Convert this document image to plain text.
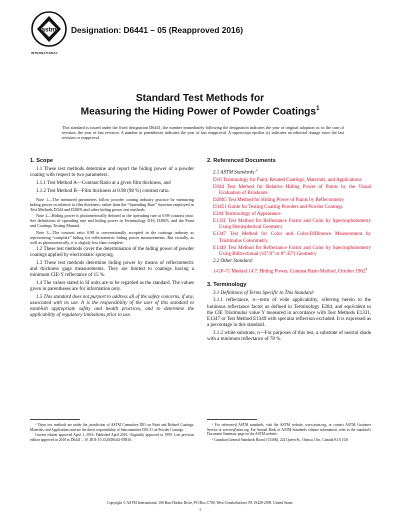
astm
INTERNATIONAL
Designation: D6441 – 05 (Reapproved 2016)
Standard Test Methods for
Measuring the Hiding Power of Powder Coatings$^1$
This standard is issued under the fixed designation D6441; the number immediately following the designation indicates the year of original adoption or, in the case of revision, the year of last revision. A number in parentheses indicates the year of last reapproval. A superscript epsilon (ε) indicates an editorial change since the last revision or reapproval.
1. Scope

1.1 These test methods determine and report the hiding power of a powder coating with respect to two parameters:

1.1.1 Test Method A—Contrast Ratio at a given film thickness, and

1.1.2 Test Method B—Film thickness at 0.98 (98 %) contrast ratio.

Note 1—The measured parameters follow powder coating industry practice by measuring hiding power in relation to film thickness, rather than the “Spreading Rate” function employed in Test Methods D344 and D2805 and other hiding power test methods.

Note 2—Hiding power is photometrically defined as the spreading rate at 0.98 contrast ratio. See definitions of spreading rate and hiding power in Terminology D16, D2805, and the Paint and Coatings Testing Manual.

Note 3—The contrast ratio 0.98 is conventionally accepted in the coatings industry as representing “complete” hiding for reflectometric hiding power measurements. But visually, as well as photometrically, it is slightly less than complete.

1.2 These test methods cover the determination of the hiding power of powder coatings applied by electrostatic spraying.

1.3 These test methods determine hiding power by means of reflectometric and thickness gage measurements. They are limited to coatings having a minimum CIE-Y reflectance of 15 %.

1.4 The values stated in SI units are to be regarded as the standard. The values given in parentheses are for information only.

1.5 This standard does not purport to address all of the safety concerns, if any, associated with its use. It is the responsibility of the user of this standard to establish appropriate safety and health practices, and to determine the applicability of regulatory limitations prior to use.

2. Referenced Documents

2.1 ASTM Standards:$^2$

D16 Terminology for Paint, Related Coatings, Materials, and Applications

D344 Test Method for Relative Hiding Power of Paints by the Visual Evaluation of Brushouts

D2805 Test Method for Hiding Power of Paints by Reflectometry

D3451 Guide for Testing Coating Powders and Powder Coatings

E284 Terminology of Appearance

E1331 Test Method for Reflectance Factor and Color by Spectrophotometry Using Hemispherical Geometry

E1347 Test Method for Color and Color-Difference Measurement by Tristimulus Colorimetry

E1349 Test Method for Reflectance Factor and Color by Spectrophotometry Using Bidirectional (45°:0° or 0°:45°) Geometry

2.2 Other Standard:

1-GP-71 Method 14.7, Hiding Power, Contrast Ratio Method, October 1962$^3$

3. Terminology

3.1 Definitions of Terms Specific to This Standard:

3.1.1 reflectance, n—term of wide applicability, referring herein to the luminous reflectance factor as defined in Terminology E284, and equivalent to the CIE Tristimulus value Y measured in accordance with Test Methods E1331, E1347 or Test Method E1349 with specular reflection excluded. It is expressed as a percentage in this standard.

3.1.2 white substrate, n—For purposes of this test, a substrate of neutral shade with a minimum reflectance of 78 %.

¹ These test methods are under the jurisdiction of ASTM Committee D01 on Paint and Related Coatings, Materials, and Applications and are the direct responsibility of Subcommittee D01.51 on Powder Coatings.

Current edition approved April 1, 2016. Published April 2016. Originally approved in 1999. Last previous edition approved in 2010 as D6441 – 10. DOI: 10.1520/D6441-05R16.

² For referenced ASTM standards, visit the ASTM website, www.astm.org, or contact ASTM Customer Service at service@astm.org. For Annual Book of ASTM Standards volume information, refer to the standard’s Document Summary page on the ASTM website.

³ Canadian General Standards Board, (CGSB), 222 Queen St., Ottawa, Ont., Canada K1A 1G6.

Copyright © ASTM International, 100 Barr Harbor Drive, PO Box C700, West Conshohocken, PA 19428-2959. United States
1
